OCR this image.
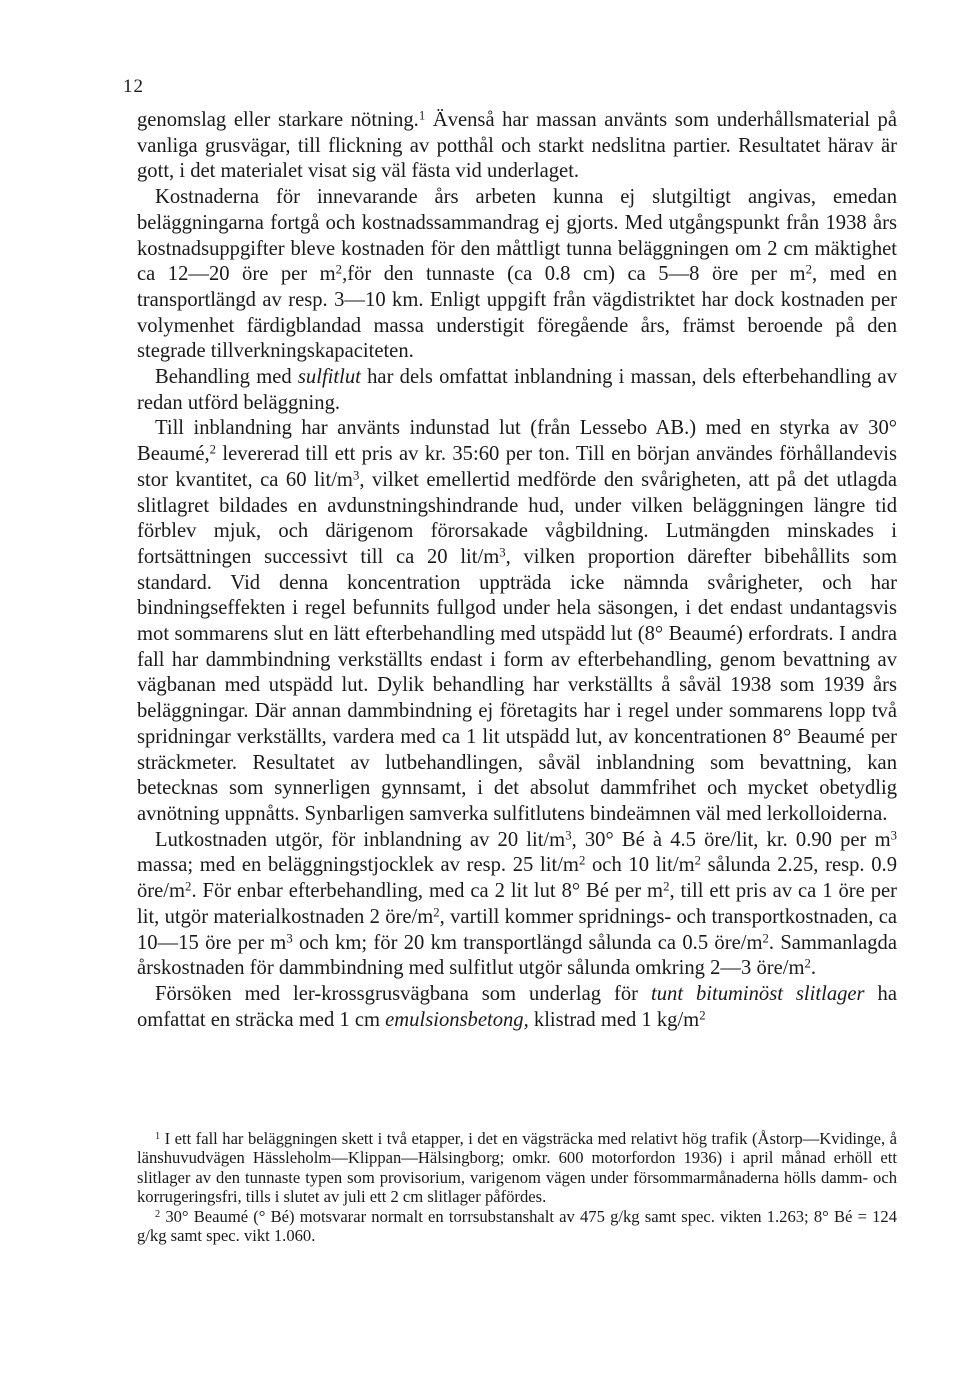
12

genomslag eller starkare nötning.$^1$ Ävenså har massan använts som underhållsmaterial på vanliga grusvägar, till flickning av potthål och starkt nedslitna partier. Resultatet härav är gott, i det materialet visat sig väl fästa vid underlaget.

Kostnaderna för innevarande års arbeten kunna ej slutgiltigt angivas, emedan beläggningarna fortgå och kostnadssammandrag ej gjorts. Med utgångspunkt från 1938 års kostnadsuppgifter bleve kostnaden för den måttligt tunna beläggningen om 2 cm mäktighet ca 12—20 öre per $m^2,för$ den tunnaste (ca 0.8 cm) ca 5—8 öre per $m^2$, med en transportlängd av resp. 3—10 km. Enligt uppgift från vägdistriktet har dock kostnaden per volymenhet färdigblandad massa understigit föregående års, främst beroende på den stegrade tillverkningskapaciteten.

Behandling med sulfitlut har dels omfattat inblandning i massan, dels efterbehandling av redan utförd beläggning.

Till inblandning har använts indunstad lut (från Lessebo AB.) med en styrka av 30° Beaumé,$^2$ levererad till ett pris av kr. 35:60 per ton. Till en början användes förhållandevis stor kvantitet, ca 60 lit/$m^3$, vilket emellertid medförde den svårigheten, att på det utlagda slitlagret bildades en avdunstningshindrande hud, under vilken beläggningen längre tid förblev mjuk, och därigenom förorsakade vågbildning. Lutmängden minskades i fortsättningen successivt till ca 20 lit/$m^3$, vilken proportion därefter bibehållits som standard. Vid denna koncentration uppträda icke nämnda svårigheter, och har bindningseffekten i regel befunnits fullgod under hela säsongen, i det endast undantagsvis mot sommarens slut en lätt efterbehandling med utspädd lut (8° Beaumé) erfordrats. I andra fall har dammbindning verkställts endast i form av efterbehandling, genom bevattning av vägbanan med utspädd lut. Dylik behandling har verkställts å såväl 1938 som 1939 års beläggningar. Där annan dammbindning ej företagits har i regel under sommarens lopp två spridningar verkställts, vardera med ca 1 lit utspädd lut, av koncentrationen 8° Beaumé per sträckmeter. Resultatet av lutbehandlingen, såväl inblandning som bevattning, kan betecknas som synnerligen gynnsamt, i det absolut dammfrihet och mycket obetydlig avnötning uppnåtts. Synbarligen samverka sulfitlutens bindeämnen väl med lerkolloiderna.

Lutkostnaden utgör, för inblandning av 20 lit/$m^3$, 30° Bé à 4.5 öre/lit, kr. 0.90 per $m^3$ massa; med en beläggningstjocklek av resp. 25 lit/$m^2$ och 10 lit/$m^2$ sålunda 2.25, resp. 0.9 öre/$m^2$. För enbar efterbehandling, med ca 2 lit lut 8° Bé per $m^2$, till ett pris av ca 1 öre per lit, utgör materialkostnaden 2 öre/$m^2$, vartill kommer spridnings- och transportkostnaden, ca 10—15 öre per $m^3$ och km; för 20 km transportlängd sålunda ca 0.5 öre/$m^2$. Sammanlagda årskostnaden för dammbindning med sulfitlut utgör sålunda omkring 2—3 öre/$m^2$.

Försöken med ler-krossgrusvägbana som underlag för tunt bituminöst slitlager ha omfattat en sträcka med 1 cm emulsionsbetong, klistrad med 1 $kg/m^2$

$^1$ I ett fall har beläggningen skett i två etapper, i det en vägsträcka med relativt hög trafik (Åstorp—Kvidinge, å länshuvudvägen Hässleholm—Klippan—Hälsingborg; omkr. 600 motorfordon 1936) i april månad erhöll ett slitlager av den tunnaste typen som provisorium, varigenom vägen under försommarmånaderna hölls damm- och korrugeringsfri, tills i slutet av juli ett 2 cm slitlager påfördes.

$^2$ 30° Beaumé (° Bé) motsvarar normalt en torrsubstanshalt av 475 g/kg samt spec. vikten 1.263; 8° Bé = 124 g/kg samt spec. vikt 1.060.
